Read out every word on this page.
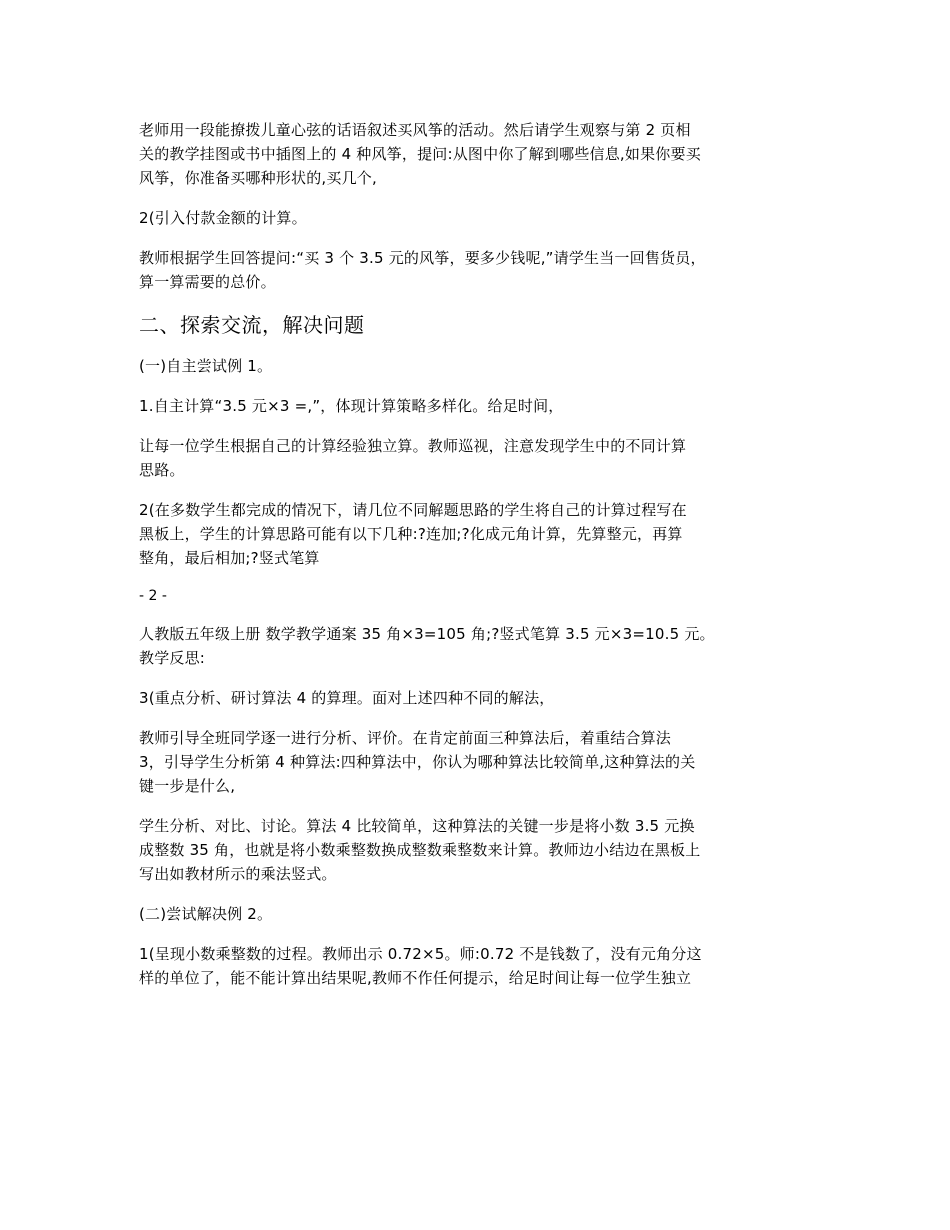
老师用一段能撩拨儿童心弦的话语叙述买风筝的活动。然后请学生观察与第 2 页相
关的教学挂图或书中插图上的 4 种风筝，提问:从图中你了解到哪些信息,如果你要买
风筝，你准备买哪种形状的,买几个,
2(引入付款金额的计算。
教师根据学生回答提问:“买 3 个 3.5 元的风筝，要多少钱呢,”请学生当一回售货员，
算一算需要的总价。
二、探索交流，解决问题
(一)自主尝试例 1。
1.自主计算“3.5 元×3 =,”，体现计算策略多样化。给足时间，
让每一位学生根据自己的计算经验独立算。教师巡视，注意发现学生中的不同计算
思路。
2(在多数学生都完成的情况下，请几位不同解题思路的学生将自己的计算过程写在
黑板上，学生的计算思路可能有以下几种:?连加;?化成元角计算，先算整元，再算
整角，最后相加;?竖式笔算
- 2 -
人教版五年级上册 数学教学通案 35 角×3=105 角;?竖式笔算 3.5 元×3=10.5 元。
教学反思:
3(重点分析、研讨算法 4 的算理。面对上述四种不同的解法，
教师引导全班同学逐一进行分析、评价。在肯定前面三种算法后，着重结合算法
3，引导学生分析第 4 种算法:四种算法中，你认为哪种算法比较简单,这种算法的关
键一步是什么,
学生分析、对比、讨论。算法 4 比较简单，这种算法的关键一步是将小数 3.5 元换
成整数 35 角，也就是将小数乘整数换成整数乘整数来计算。教师边小结边在黑板上
写出如教材所示的乘法竖式。
(二)尝试解决例 2。
1(呈现小数乘整数的过程。教师出示 0.72×5。师:0.72 不是钱数了，没有元角分这
样的单位了，能不能计算出结果呢,教师不作任何提示，给足时间让每一位学生独立
